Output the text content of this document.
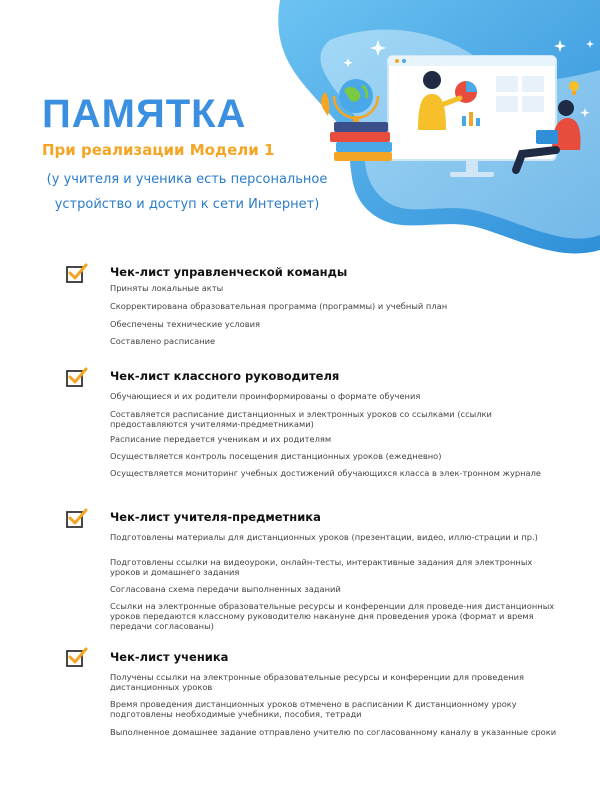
ПАМЯТКА
При реализации Модели 1
(у учителя и ученика есть персональное устройство и доступ к сети Интернет)
Чек-лист управленческой команды
Приняты локальные акты
Скорректирована образовательная программа (программы) и учебный план
Обеспечены технические условия
Составлено расписание
Чек-лист классного руководителя
Обучающиеся и их родители проинформированы о формате обучения
Составляется расписание дистанционных и электронных уроков со ссылками (ссылки предоставляются учителями-предметниками)
Расписание передается ученикам и их родителям
Осуществляется контроль посещения дистанционных уроков (ежедневно)
Осуществляется мониторинг учебных достижений обучающихся класса в элек-тронном журнале
Чек-лист учителя-предметника
Подготовлены материалы для дистанционных уроков (презентации, видео, иллю-страции и пр.)
Подготовлены ссылки на видеоуроки, онлайн-тесты, интерактивные задания для электронных уроков и домашнего задания
Согласована схема передачи выполненных заданий
Ссылки на электронные образовательные ресурсы и конференции для проведе-ния дистанционных уроков передаются классному руководителю накануне дня проведения урока (формат и время передачи согласованы)
Чек-лист ученика
Получены ссылки на электронные образовательные ресурсы и конференции для проведения дистанционных уроков
Время проведения дистанционных уроков отмечено в расписании К дистанционному уроку подготовлены необходимые учебники, пособия, тетради
Выполненное домашнее задание отправлено учителю по согласованному каналу в указанные сроки
